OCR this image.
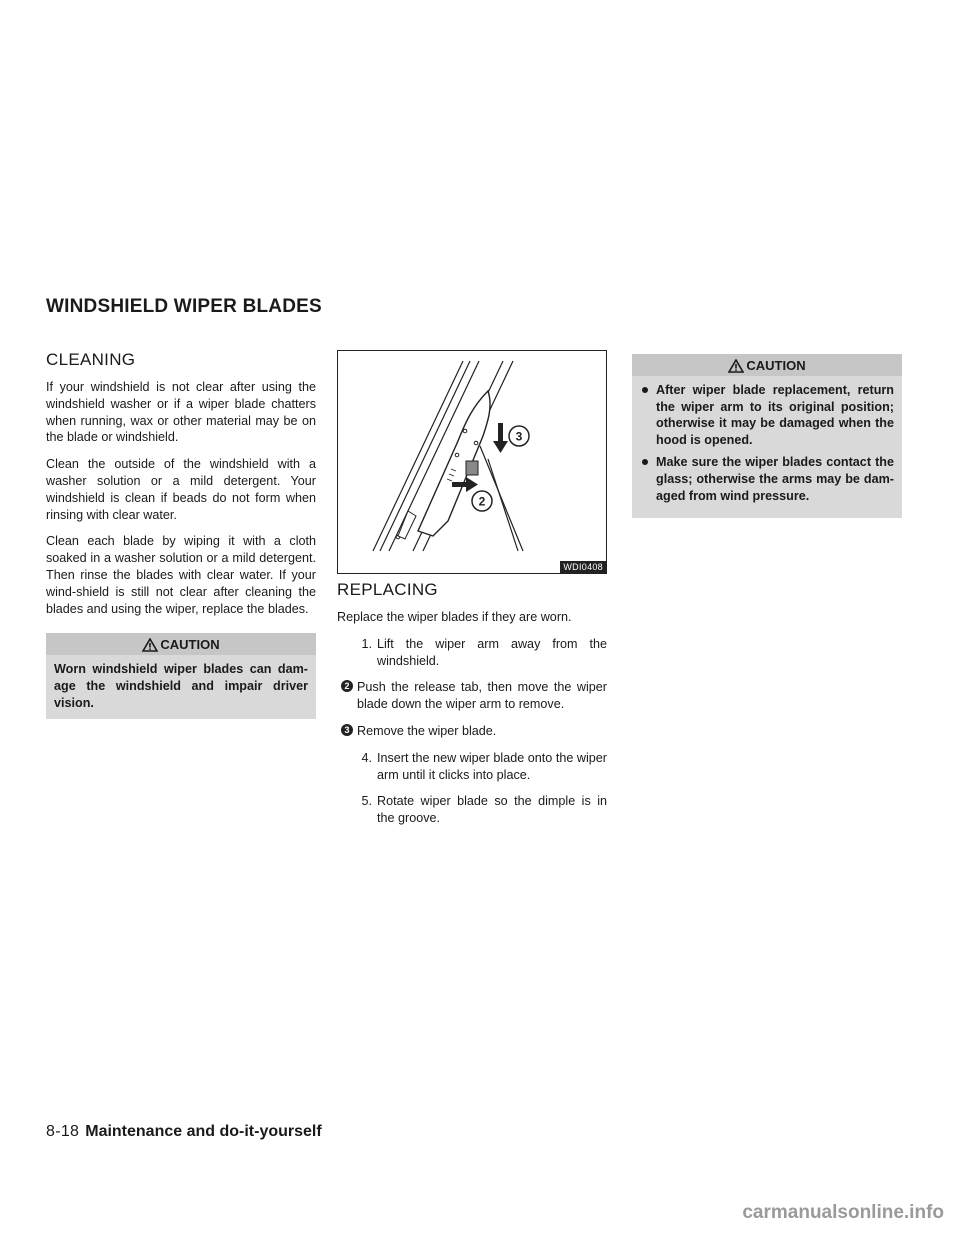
WINDSHIELD WIPER BLADES
CLEANING

If your windshield is not clear after using the windshield washer or if a wiper blade chatters when running, wax or other material may be on the blade or windshield.

Clean the outside of the windshield with a washer solution or a mild detergent. Your windshield is clean if beads do not form when rinsing with clear water.

Clean each blade by wiping it with a cloth soaked in a washer solution or a mild detergent. Then rinse the blades with clear water. If your wind-shield is still not clear after cleaning the blades and using the wiper, replace the blades.

CAUTION
Worn windshield wiper blades can dam-age the windshield and impair driver vision.
3
2
WDI0408
REPLACING

Replace the wiper blades if they are worn.

1. Lift the wiper arm away from the windshield.
2 Push the release tab, then move the wiper blade down the wiper arm to remove.
3 Remove the wiper blade.
4. Insert the new wiper blade onto the wiper arm until it clicks into place.
5. Rotate wiper blade so the dimple is in the groove.
CAUTION
After wiper blade replacement, return the wiper arm to its original position; otherwise it may be damaged when the hood is opened.
Make sure the wiper blades contact the glass; otherwise the arms may be dam-aged from wind pressure.
8-18 Maintenance and do-it-yourself
carmanualsonline.info
